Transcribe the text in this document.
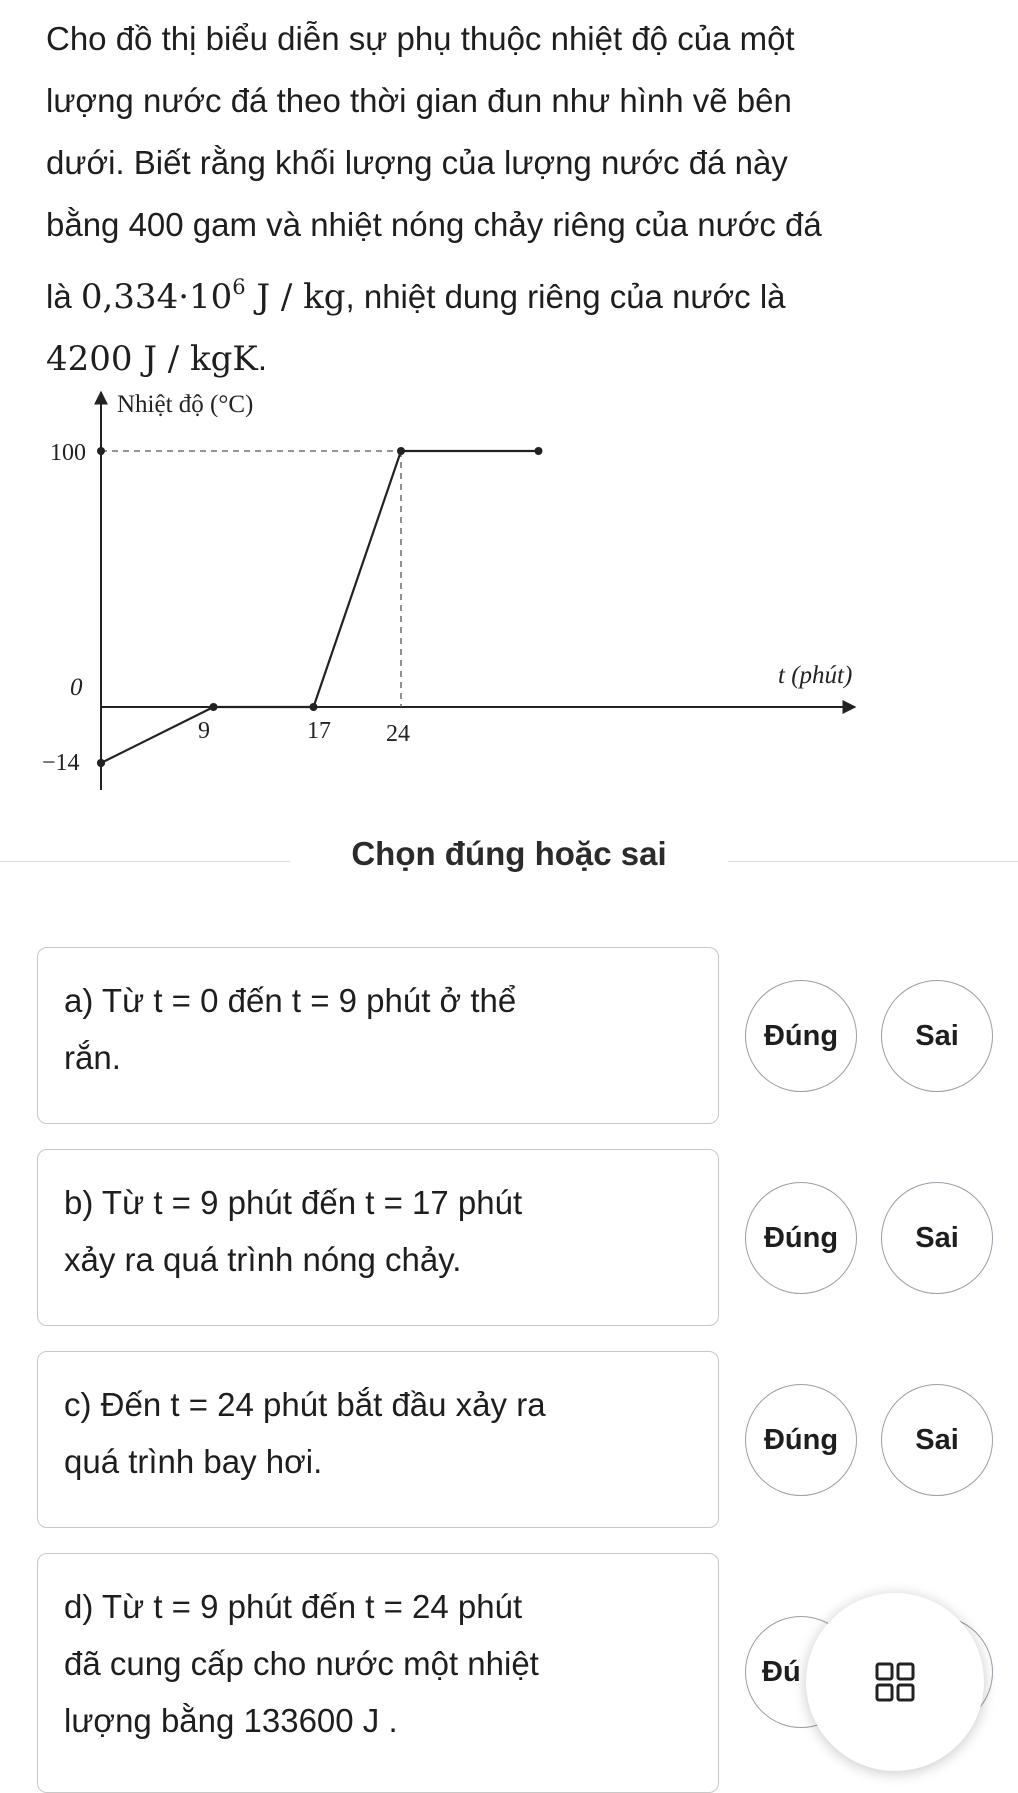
Cho đồ thị biểu diễn sự phụ thuộc nhiệt độ của một
lượng nước đá theo thời gian đun như hình vẽ bên
dưới. Biết rằng khối lượng của lượng nước đá này
bằng 400 gam và nhiệt nóng chảy riêng của nước đá
là $0,334\cdot 10^6$ J / kg, nhiệt dung riêng của nước là
4200 J / kgK.
Nhiệt độ (°C)
t (phút)
100
0
−14
9	17 24
Chọn đúng hoặc sai
a) Từ t = 0 đến t = 9 phút ở thể
rắn.
Đúng	Sai
b) Từ t = 9 phút đến t = 17 phút
xảy ra quá trình nóng chảy.
Đúng	Sai
c) Đến t = 24 phút bắt đầu xảy ra
quá trình bay hơi.
Đúng	Sai
d) Từ t = 9 phút đến t = 24 phút
đã cung cấp cho nước một nhiệt
lượng bằng 133600 J .
Đú
